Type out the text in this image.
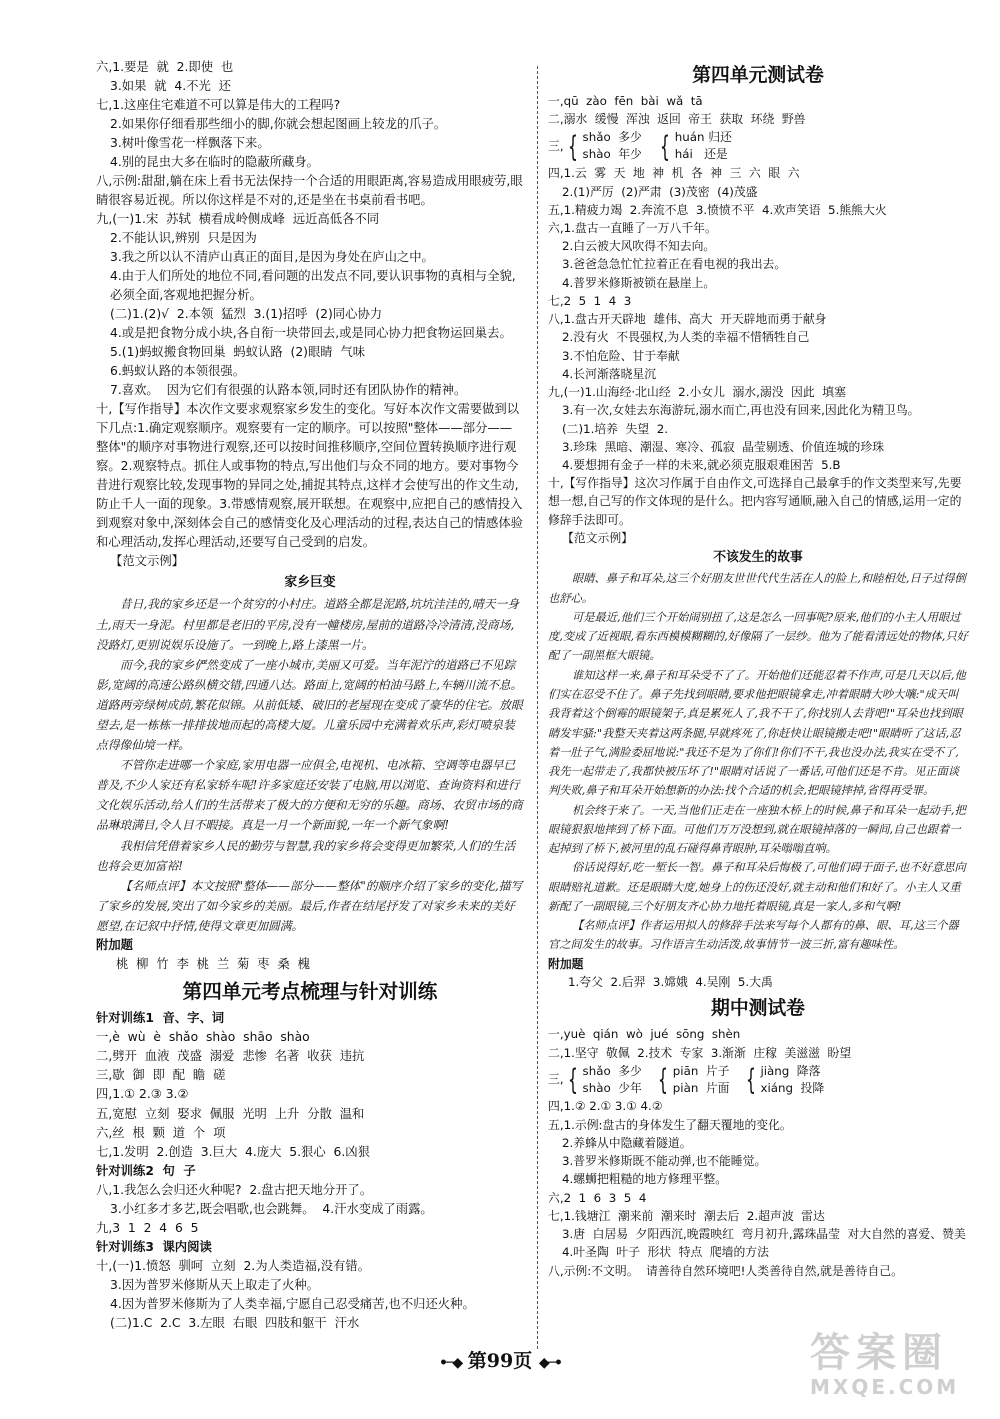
六,1.要是  就  2.即使  也
3.如果  就  4.不光  还
七,1.这座住宅难道不可以算是伟大的工程吗?
2.如果你仔细看那些细小的脚,你就会想起图画上较龙的爪子。
3.树叶像雪花一样飘落下来。
4.别的昆虫大多在临时的隐蔽所藏身。
八,示例:甜甜,躺在床上看书无法保持一个合适的用眼距离,容易造成用眼疲劳,眼睛很容易近视。所以你这样是不对的,还是坐在书桌前看书吧。
九,(一)1.宋  苏轼  横看成岭侧成峰  远近高低各不同
2.不能认识,辨别  只是因为
3.我之所以认不清庐山真正的面目,是因为身处在庐山之中。
4.由于人们所处的地位不同,看问题的出发点不同,要认识事物的真相与全貌,必须全面,客观地把握分析。
(二)1.(2)√  2.本领  猛烈  3.(1)招呼  (2)同心协力
4.或是把食物分成小块,各自衔一块带回去,或是同心协力把食物运回巢去。
5.(1)蚂蚁搬食物回巢  蚂蚁认路  (2)眼睛  气味
6.蚂蚁认路的本领很强。
7.喜欢。  因为它们有很强的认路本领,同时还有团队协作的精神。
十,【写作指导】本次作文要求观察家乡发生的变化。写好本次作文需要做到以下几点:1.确定观察顺序。观察要有一定的顺序。可以按照"整体——部分——整体"的顺序对事物进行观察,还可以按时间推移顺序,空间位置转换顺序进行观察。2.观察特点。抓住人或事物的特点,写出他们与众不同的地方。要对事物今昔进行观察比较,发现事物的异同之处,捕捉其特点,这样才会使写出的作文生动,防止千人一面的现象。3.带感情观察,展开联想。在观察中,应把自己的感情投入到观察对象中,深刻体会自己的感情变化及心理活动的过程,表达自己的情感体验和心理活动,发挥心理活动,还要写自己受到的启发。
【范文示例】
家乡巨变

昔日,我的家乡还是一个贫穷的小村庄。道路全都是泥路,坑坑洼洼的,晴天一身土,雨天一身泥。村里都是老旧的平房,没有一幢楼房,屋前的道路冷冷清清,没商场,没路灯,更别说娱乐设施了。一到晚上,路上漆黑一片。

而今,我的家乡俨然变成了一座小城市,美丽又可爱。当年泥泞的道路已不见踪影,宽阔的高速公路纵横交错,四通八达。路面上,宽阔的柏油马路上,车辆川流不息。道路两旁绿树成荫,繁花似锦。从前低矮、破旧的老屋现在变成了豪华的住宅。放眼望去,是一栋栋一排排拔地而起的高楼大厦。儿童乐园中充满着欢乐声,彩灯喷泉装点得像仙境一样。

不管你走进哪一个家庭,家用电器一应俱全,电视机、电冰箱、空调等电器早已普及,不少人家还有私家轿车呢!许多家庭还安装了电脑,用以浏览、查询资料和进行文化娱乐活动,给人们的生活带来了极大的方便和无穷的乐趣。商场、农贸市场的商品琳琅满目,令人目不暇接。真是一月一个新面貌,一年一个新气象啊!

我相信凭借着家乡人民的勤劳与智慧,我的家乡将会变得更加繁荣,人们的生活也将会更加富裕!

【名师点评】本文按照"整体——部分——整体"的顺序介绍了家乡的变化,描写了家乡的发展,突出了如今家乡的美丽。最后,作者在结尾抒发了对家乡未来的美好愿望,在记叙中抒情,使得文章更加圆满。

附加题
桃  柳  竹  李  桃  兰  菊  枣  桑  槐
第四单元考点梳理与针对训练
针对训练1  音、字、词
一,è  wù  è  shǎo  shào  shāo  shào
二,劈开  血液  茂盛  溺爱  悲惨  名著  收获  违抗
三,歇  御  即  配  瞻  磋
四,1.① 2.③ 3.②
五,宽慰  立刻  娶求  佩服  光明  上升  分散  温和
六,丝  根  颗  道  个  项
七,1.发明  2.创造  3.巨大  4.庞大  5.狠心  6.凶狠
针对训练2  句  子
八,1.我怎么会归还火种呢?  2.盘古把天地分开了。
3.小红多才多艺,既会唱歌,也会跳舞。  4.汗水变成了雨露。
九,3  1  2  4  6  5
针对训练3  课内阅读
十,(一)1.愤怒  驯呵  立刻  2.为人类造福,没有错。
3.因为普罗米修斯从天上取走了火种。
4.因为普罗米修斯为了人类幸福,宁愿自己忍受痛苦,也不归还火种。
(二)1.C  2.C  3.左眼  右眼  四肢和躯干  汗水
第四单元测试卷
一,qū  zào  fēn  bài  wǎ  tā
二,溺水  缓慢  浑浊  返回  帝王  获取  环绕  野兽
三, { shǎo  多少
shào  年少 { huán 归还
hái   还是
四,1.云  雾  天  地  神  机  各  神  三  六  眼  六
2.(1)严厉  (2)严肃  (3)茂密  (4)茂盛
五,1.精疲力竭  2.奔流不息  3.愤愤不平  4.欢声笑语  5.熊熊大火
六,1.盘古一直睡了一万八千年。
2.白云被大风吹得不知去向。
3.爸爸急急忙忙拉着正在看电视的我出去。
4.普罗米修斯被锁在悬崖上。
七,2  5  1  4  3
八,1.盘古开天辟地  雄伟、高大  开天辟地而勇于献身
2.没有火  不畏强权,为人类的幸福不惜牺牲自己
3.不怕危险、甘于奉献
4.长河渐落晓星沉
九,(一)1.山海经·北山经  2.小女儿  溺水,溺没  因此  填塞
3.有一次,女娃去东海游玩,溺水而亡,再也没有回来,因此化为精卫鸟。
(二)1.培养  失望  2.
3.珍珠  黑暗、潮湿、寒冷、孤寂  晶莹剔透、价值连城的珍珠
4.要想拥有金子一样的未来,就必须克服艰难困苦  5.B
十,【写作指导】这次习作属于自由作文,可选择自己最拿手的作文类型来写,先要想一想,自己写的作文体现的是什么。把内容写通顺,融入自己的情感,运用一定的修辞手法即可。
【范文示例】
不该发生的故事

眼睛、鼻子和耳朵,这三个好朋友世世代代生活在人的脸上,和睦相处,日子过得倒也舒心。

可是最近,他们三个开始闹别扭了,这是怎么一回事呢?原来,他们的小主人用眼过度,变成了近视眼,看东西模模糊糊的,好像隔了一层纱。他为了能看清远处的物体,只好配了一副黑框大眼镜。

谁知这样一来,鼻子和耳朵受不了了。开始他们还能忍着不作声,可是几天以后,他们实在忍受不住了。鼻子先找到眼睛,要求他把眼镜拿走,冲着眼睛大吵大嚷:"成天叫我背着这个倒霉的眼镜架子,真是累死人了,我不干了,你找别人去背吧!"耳朵也找到眼睛发牢骚:"我整天夹着这两条腿,早就疼死了,你赶快让眼镜搬走吧!"眼睛听了这话,忍着一肚子气,满脸委屈地说:"我还不是为了你们!你们不干,我也没办法,我实在受不了,我先一起带走了,我都快被压坏了!"眼睛对话说了一番话,可他们还是不肯。见正面谈判失败,鼻子和耳朵开始想新的办法:找个合适的机会,把眼镜摔掉,省得再受罪。

机会终于来了。一天,当他们正走在一座独木桥上的时候,鼻子和耳朵一起动手,把眼镜狠狠地摔到了桥下面。可他们万万没想到,就在眼镜掉落的一瞬间,自己也跟着一起掉到了桥下,被河里的乱石碰得鼻青眼肿,耳朵嗡嗡直响。

俗话说得好,吃一堑长一智。鼻子和耳朵后悔极了,可他们碍于面子,也不好意思向眼睛赔礼道歉。还是眼睛大度,她身上的伤还没好,就主动和他们和好了。小主人又重新配了一副眼镜,三个好朋友齐心协力地托着眼镜,真是一家人,多和气啊!

【名师点评】作者运用拟人的修辞手法来写每个人都有的鼻、眼、耳,这三个器官之间发生的故事。习作语言生动活泼,故事情节一波三折,富有趣味性。

附加题
1.夸父  2.后羿  3.嫦娥  4.吴刚  5.大禹
期中测试卷
一,yuè  qián  wò  jué  sōng  shèn
二,1.坚守  敬佩  2.技术  专家  3.渐渐  庄稼  美滋滋  盼望
三, { shǎo  多少
shào  少年 { piān  片子
piàn  片面 { jiàng  降落
xiáng  投降
四,1.② 2.① 3.① 4.②
五,1.示例:盘古的身体发生了翻天覆地的变化。
2.养蜂从中隐藏着隧道。
3.普罗米修斯既不能动弹,也不能睡觉。
4.螺蛳把粗糙的地方修理平整。
六,2  1  6  3  5  4
七,1.钱塘江  潮来前  潮来时  潮去后  2.超声波  雷达
3.唐  白居易  夕阳西沉,晚霞映红  弯月初升,露珠晶莹  对大自然的喜爱、赞美
4.叶圣陶  叶子  形状  特点  爬墙的方法
八,示例:不文明。  请善待自然环境吧!人类善待自然,就是善待自己。
•─◆ 第99页 ◆─•	答案圈
MXQE.COM
